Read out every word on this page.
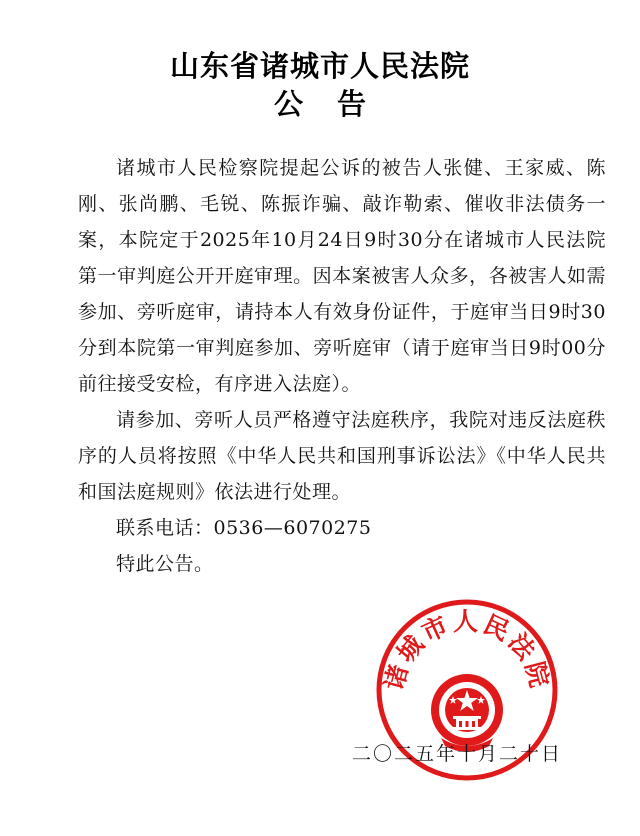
山东省诸城市人民法院
公告

诸城市人民检察院提起公诉的被告人张健、王家威、陈刚、张尚鹏、毛锐、陈振诈骗、敲诈勒索、催收非法债务一案，本院定于2025年10月24日9时30分在诸城市人民法院第一审判庭公开开庭审理。因本案被害人众多，各被害人如需参加、旁听庭审，请持本人有效身份证件，于庭审当日9时30分到本院第一审判庭参加、旁听庭审（请于庭审当日9时00分前往接受安检，有序进入法庭）。

请参加、旁听人员严格遵守法庭秩序，我院对违反法庭秩序的人员将按照《中华人民共和国刑事诉讼法》《中华人民共和国法庭规则》依法进行处理。

联系电话：0536—6070275

特此公告。

诸城市人民法院
二〇二五年十月二十日
